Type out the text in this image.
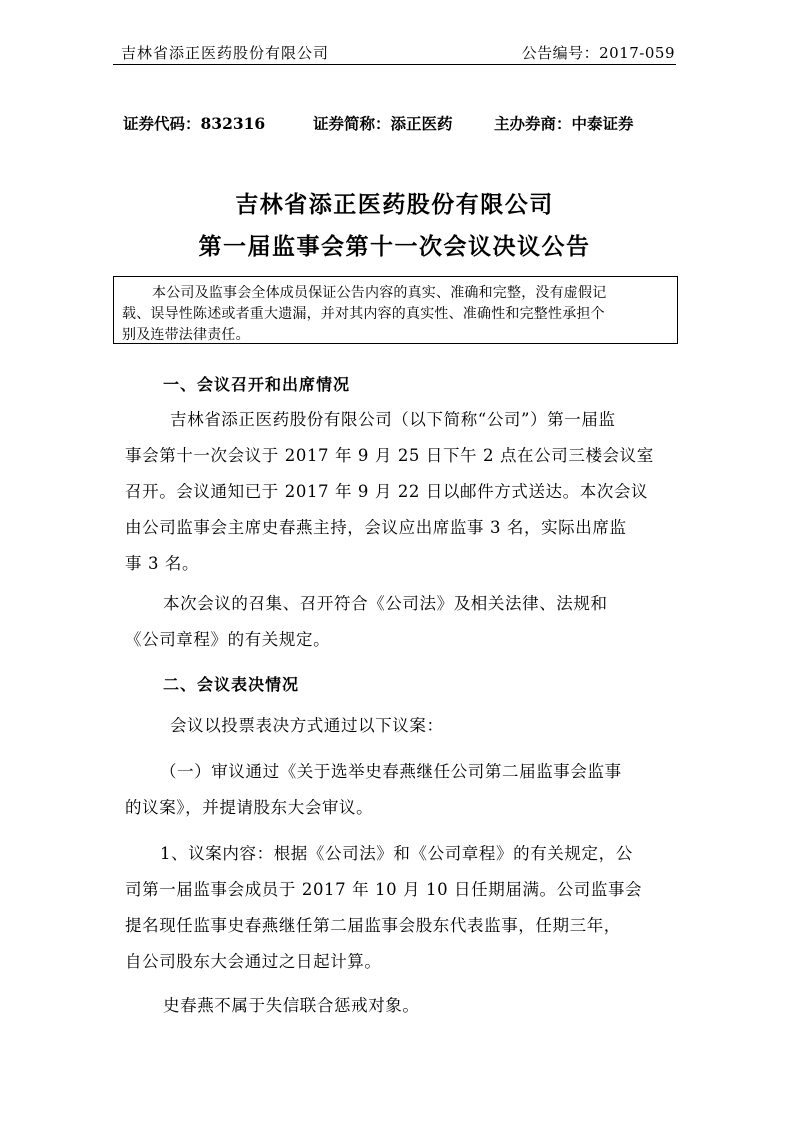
吉林省添正医药股份有限公司	公告编号：2017-059
证券代码：832316	证券简称：添正医药	主办券商：中泰证券
吉林省添正医药股份有限公司
第一届监事会第十一次会议决议公告
本公司及监事会全体成员保证公告内容的真实、准确和完整，没有虚假记
载、误导性陈述或者重大遗漏，并对其内容的真实性、准确性和完整性承担个
别及连带法律责任。
一、会议召开和出席情况
吉林省添正医药股份有限公司（以下简称“公司”）第一届监
事会第十一次会议于 2017 年 9 月 25 日下午 2 点在公司三楼会议室
召开。会议通知已于 2017 年 9 月 22 日以邮件方式送达。本次会议
由公司监事会主席史春燕主持，会议应出席监事 3 名，实际出席监
事 3 名。
本次会议的召集、召开符合《公司法》及相关法律、法规和
《公司章程》的有关规定。
二、会议表决情况
会议以投票表决方式通过以下议案：
（一）审议通过《关于选举史春燕继任公司第二届监事会监事
的议案》，并提请股东大会审议。
1、议案内容：根据《公司法》和《公司章程》的有关规定，公
司第一届监事会成员于 2017 年 10 月 10 日任期届满。公司监事会
提名现任监事史春燕继任第二届监事会股东代表监事，任期三年，
自公司股东大会通过之日起计算。
史春燕不属于失信联合惩戒对象。
